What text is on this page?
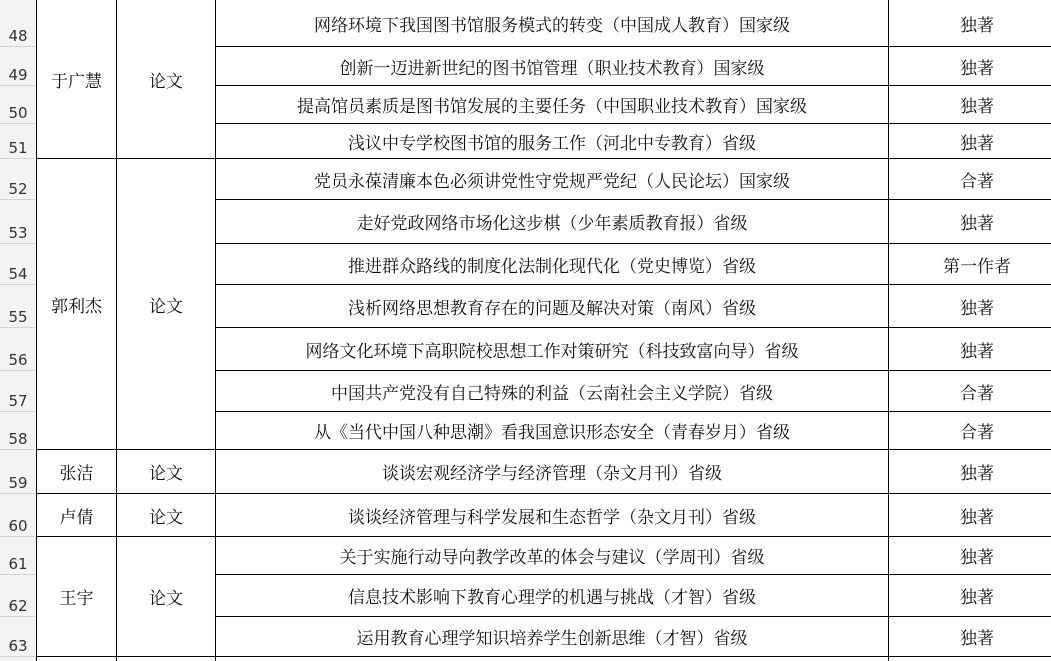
48
49
50
51
52
53
54
55
56
57
58
59
60
61
62
63
于广慧
郭利杰
张洁
卢倩
王宇
论文
论文
论文
论文
论文
网络环境下我国图书馆服务模式的转变（中国成人教育）国家级
创新一迈进新世纪的图书馆管理（职业技术教育）国家级
提高馆员素质是图书馆发展的主要任务（中国职业技术教育）国家级
浅议中专学校图书馆的服务工作（河北中专教育）省级
党员永葆清廉本色必须讲党性守党规严党纪（人民论坛）国家级
走好党政网络市场化这步棋（少年素质教育报）省级
推进群众路线的制度化法制化现代化（党史博览）省级
浅析网络思想教育存在的问题及解决对策（南风）省级
网络文化环境下高职院校思想工作对策研究（科技致富向导）省级
中国共产党没有自己特殊的利益（云南社会主义学院）省级
从《当代中国八种思潮》看我国意识形态安全（青春岁月）省级
谈谈宏观经济学与经济管理（杂文月刊）省级
谈谈经济管理与科学发展和生态哲学（杂文月刊）省级
关于实施行动导向教学改革的体会与建议（学周刊）省级
信息技术影响下教育心理学的机遇与挑战（才智）省级
运用教育心理学知识培养学生创新思维（才智）省级
独著
独著
独著
独著
合著
独著
第一作者
独著
独著
合著
合著
独著
独著
独著
独著
独著
